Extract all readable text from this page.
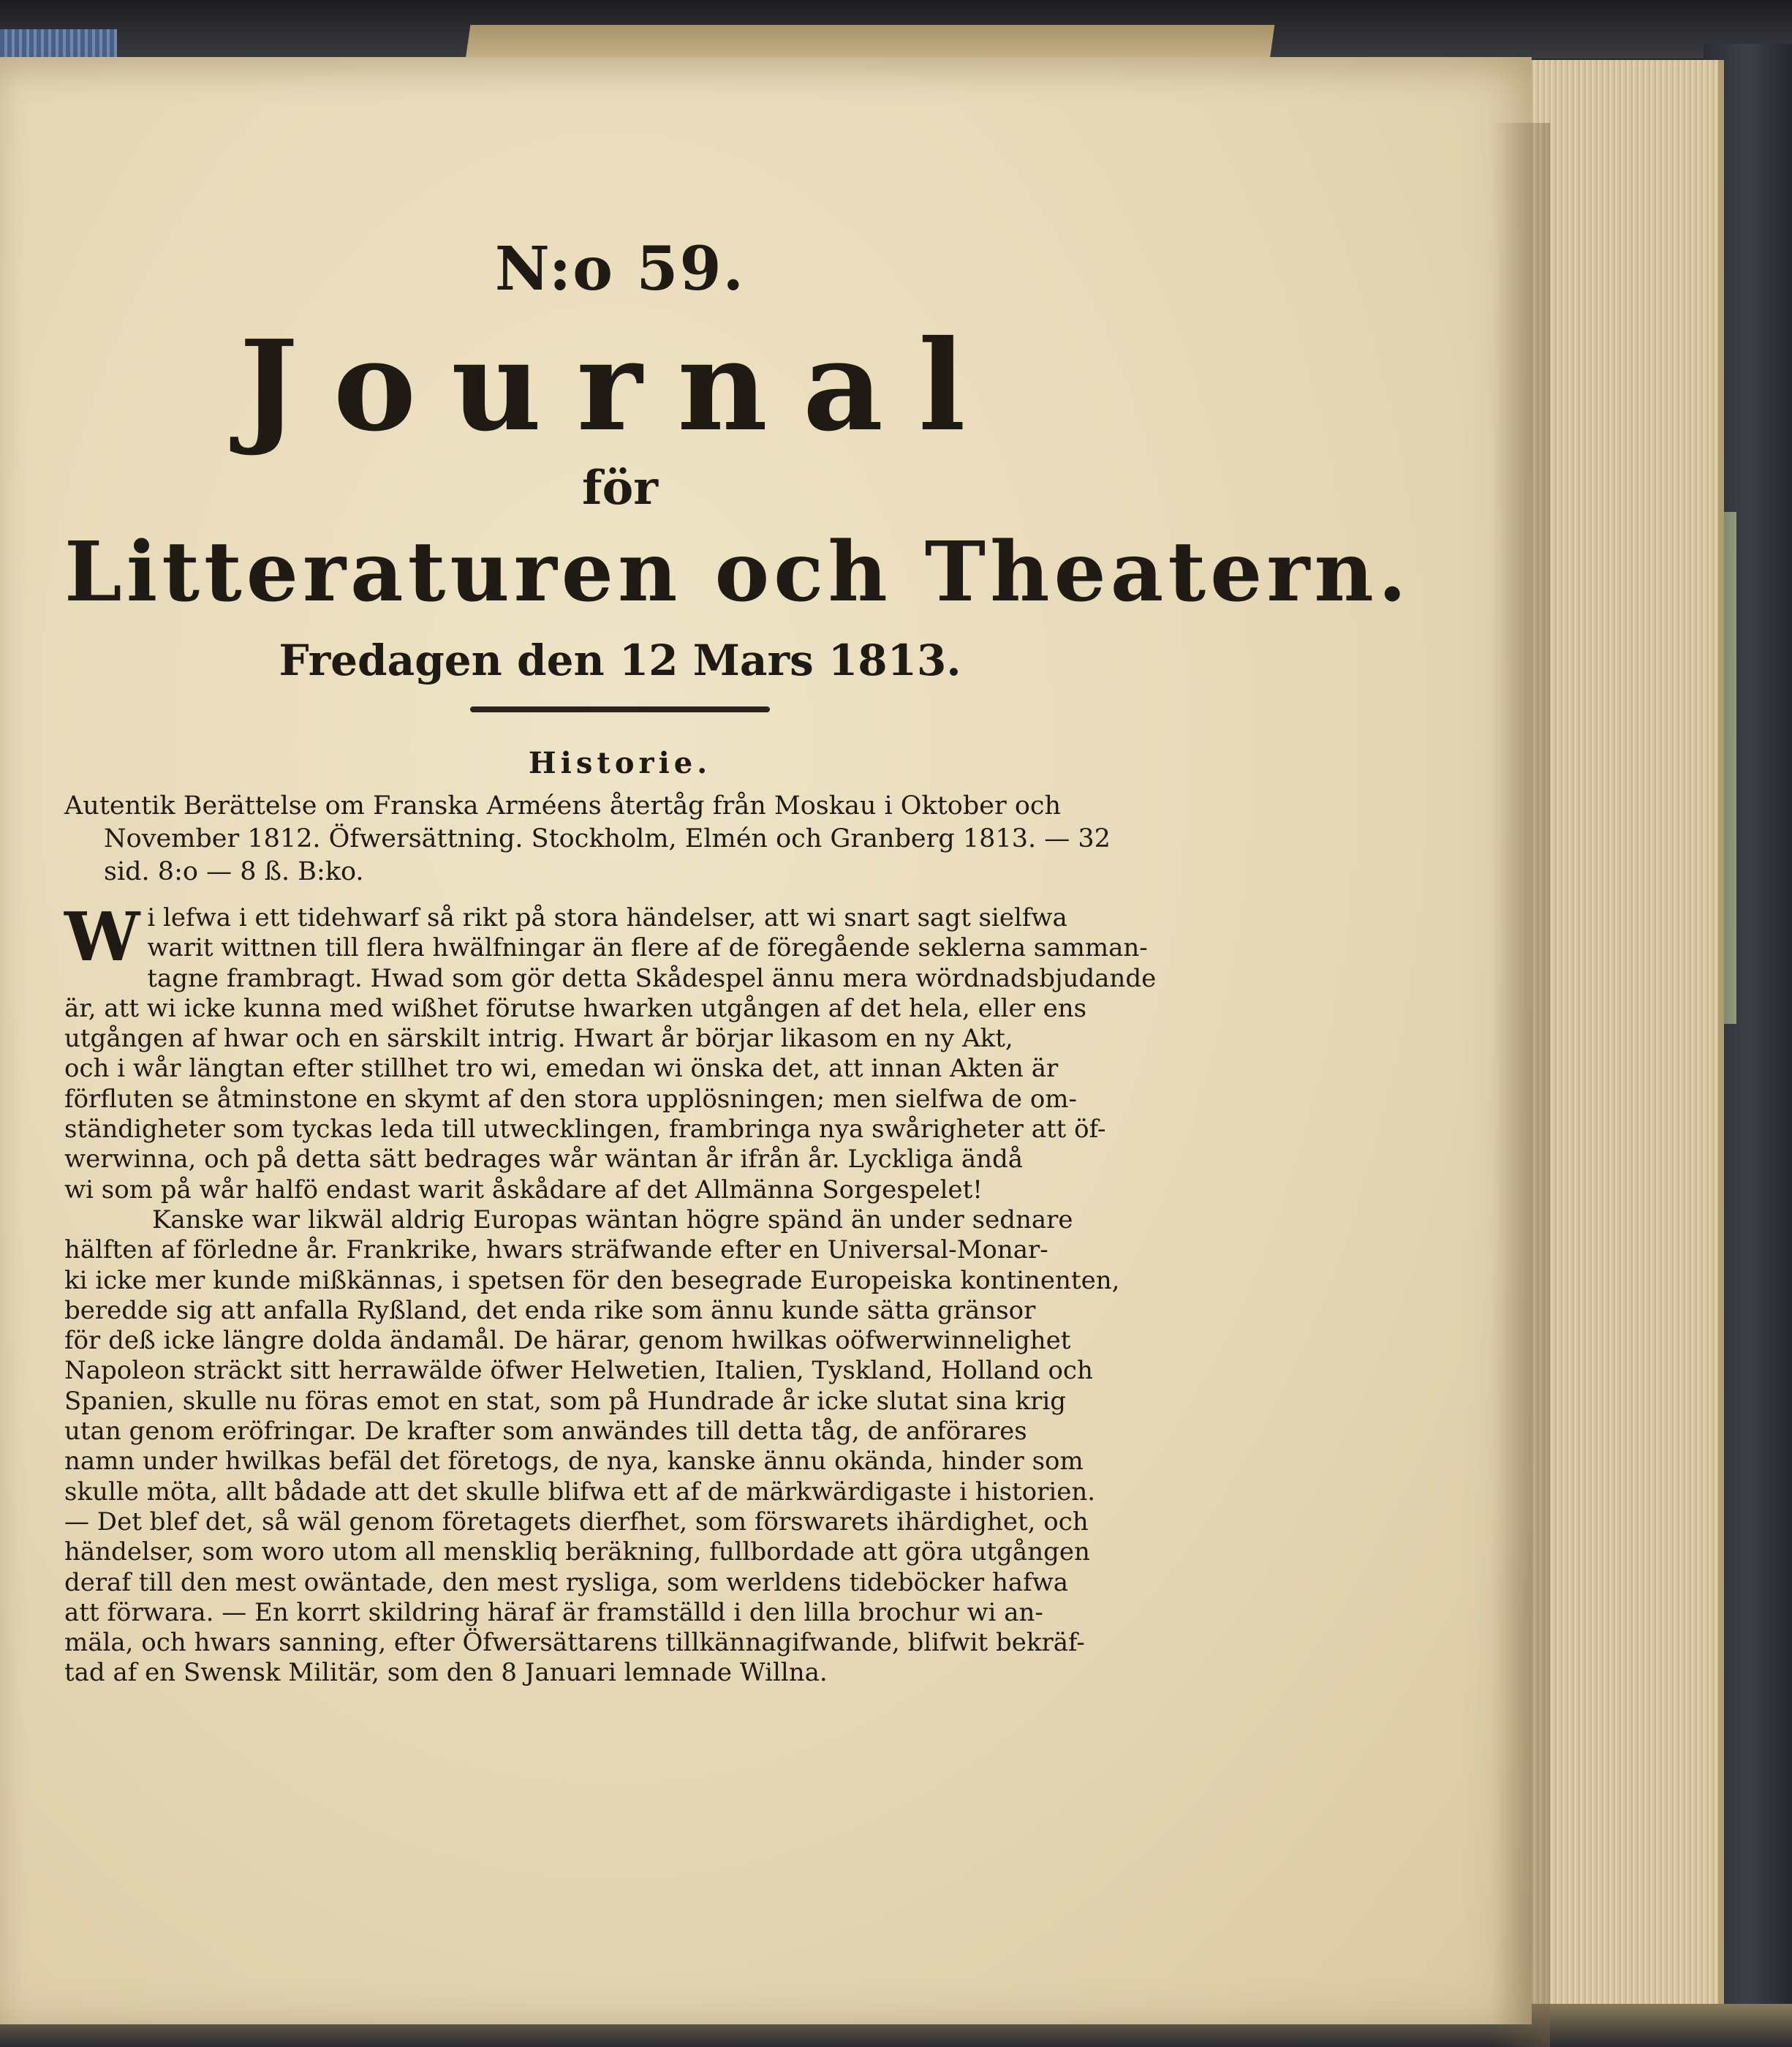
N:o 59.
Journal
för
Litteraturen och Theatern.
Fredagen den 12 Mars 1813.
Historie.
Autentik Berättelse om Franska Arméens återtåg från Moskau i Oktober och
November 1812. Öfwersättning. Stockholm, Elmén och Granberg 1813. — 32
sid. 8:o — 8 ß. B:ko.
W i lefwa i ett tidehwarf så rikt på stora händelser, att wi snart sagt sielfwa
warit wittnen till flera hwälfningar än flere af de föregående seklerna samman-
tagne frambragt. Hwad som gör detta Skådespel ännu mera wördnadsbjudande
är, att wi icke kunna med wißhet förutse hwarken utgången af det hela, eller ens
utgången af hwar och en särskilt intrig. Hwart år börjar likasom en ny Akt,
och i wår längtan efter stillhet tro wi, emedan wi önska det, att innan Akten är
förfluten se åtminstone en skymt af den stora upplösningen; men sielfwa de om-
ständigheter som tyckas leda till utwecklingen, frambringa nya swårigheter att öf-
werwinna, och på detta sätt bedrages wår wäntan år ifrån år. Lyckliga ändå
wi som på wår halfö endast warit åskådare af det Allmänna Sorgespelet!
Kanske war likwäl aldrig Europas wäntan högre spänd än under sednare
hälften af förledne år. Frankrike, hwars sträfwande efter en Universal-Monar-
ki icke mer kunde mißkännas, i spetsen för den besegrade Europeiska kontinenten,
beredde sig att anfalla Ryßland, det enda rike som ännu kunde sätta gränsor
för deß icke längre dolda ändamål. De härar, genom hwilkas oöfwerwinnelighet
Napoleon sträckt sitt herrawälde öfwer Helwetien, Italien, Tyskland, Holland och
Spanien, skulle nu föras emot en stat, som på Hundrade år icke slutat sina krig
utan genom eröfringar. De krafter som anwändes till detta tåg, de anförares
namn under hwilkas befäl det företogs, de nya, kanske ännu okända, hinder som
skulle möta, allt bådade att det skulle blifwa ett af de märkwärdigaste i historien.
— Det blef det, så wäl genom företagets dierfhet, som förswarets ihärdighet, och
händelser, som woro utom all menskliq beräkning, fullbordade att göra utgången
deraf till den mest owäntade, den mest rysliga, som werldens tideböcker hafwa
att förwara. — En korrt skildring häraf är framställd i den lilla brochur wi an-
mäla, och hwars sanning, efter Öfwersättarens tillkännagifwande, blifwit bekräf-
tad af en Swensk Militär, som den 8 Januari lemnade Willna.
